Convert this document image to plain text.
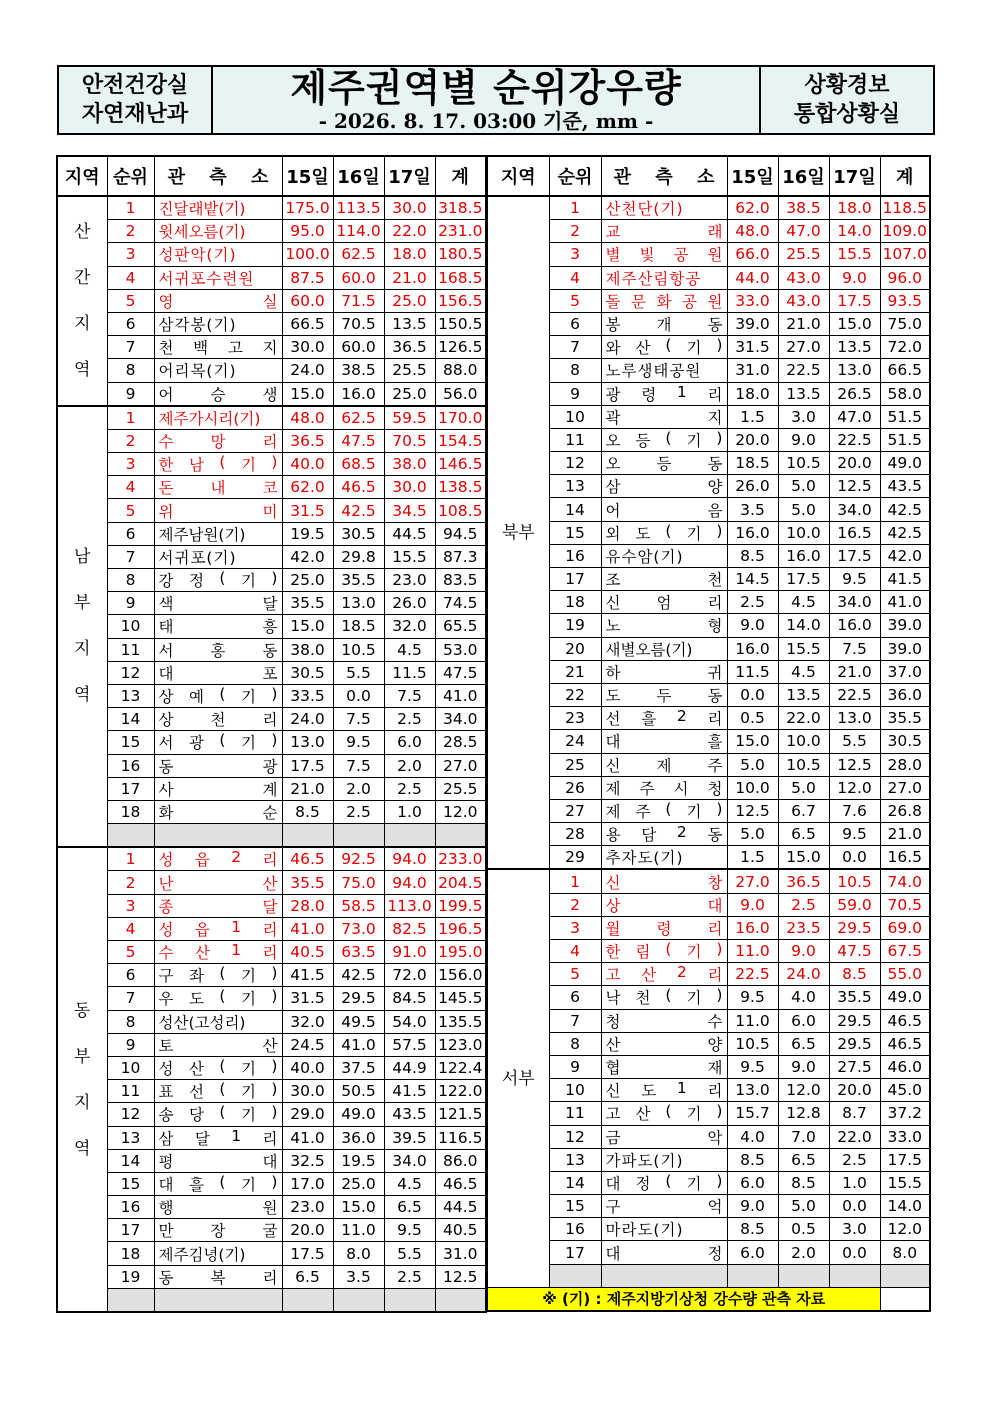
안전건강실
자연재난과
제주권역별 순위강우량
- 2026. 8. 17. 03:00 기준, mm -
상황경보
통합상황실
지역	순위	관 측 소	15일	16일	17일	계
산
간
지
역	1	진달래밭(기)	175.0	113.5	30.0	318.5
	2	윗세오름(기)	95.0	114.0	22.0	231.0
	3	성판악(기)	100.0	62.5	18.0	180.5
	4	서귀포수련원	87.5	60.0	21.0	168.5
	5	영 실	60.0	71.5	25.0	156.5
	6	삼각봉(기)	66.5	70.5	13.5	150.5
	7	천 백 고 지	30.0	60.0	36.5	126.5
	8	어리목(기)	24.0	38.5	25.5	88.0
	9	어 승 생	15.0	16.0	25.0	56.0
남
부
지
역	1	제주가시리(기)	48.0	62.5	59.5	170.0
	2	수 망 리	36.5	47.5	70.5	154.5
	3	한 남 ( 기 )	40.0	68.5	38.0	146.5
	4	돈 내 코	62.0	46.5	30.0	138.5
	5	위 미	31.5	42.5	34.5	108.5
	6	제주남원(기)	19.5	30.5	44.5	94.5
	7	서귀포(기)	42.0	29.8	15.5	87.3
	8	강 정 ( 기 )	25.0	35.5	23.0	83.5
	9	색 달	35.5	13.0	26.0	74.5
	10	태 흥	15.0	18.5	32.0	65.5
	11	서 홍 동	38.0	10.5	4.5	53.0
	12	대 포	30.5	5.5	11.5	47.5
	13	상 예 ( 기 )	33.5	0.0	7.5	41.0
	14	상 천 리	24.0	7.5	2.5	34.0
	15	서 광 ( 기 )	13.0	9.5	6.0	28.5
	16	동 광	17.5	7.5	2.0	27.0
	17	사 계	21.0	2.0	2.5	25.5
	18	화 순	8.5	2.5	1.0	12.0

동
부
지
역	1	성 읍 2 리	46.5	92.5	94.0	233.0
	2	난 산	35.5	75.0	94.0	204.5
	3	종 달	28.0	58.5	113.0	199.5
	4	성 읍 1 리	41.0	73.0	82.5	196.5
	5	수 산 1 리	40.5	63.5	91.0	195.0
	6	구 좌 ( 기 )	41.5	42.5	72.0	156.0
	7	우 도 ( 기 )	31.5	29.5	84.5	145.5
	8	성산(고성리)	32.0	49.5	54.0	135.5
	9	토 산	24.5	41.0	57.5	123.0
	10	성 산 ( 기 )	40.0	37.5	44.9	122.4
	11	표 선 ( 기 )	30.0	50.5	41.5	122.0
	12	송 당 ( 기 )	29.0	49.0	43.5	121.5
	13	삼 달 1 리	41.0	36.0	39.5	116.5
	14	평 대	32.5	19.5	34.0	86.0
	15	대 흘 ( 기 )	17.0	25.0	4.5	46.5
	16	행 원	23.0	15.0	6.5	44.5
	17	만 장 굴	20.0	11.0	9.5	40.5
	18	제주김녕(기)	17.5	8.0	5.5	31.0
	19	동 복 리	6.5	3.5	2.5	12.5

지역	순위	관 측 소	15일	16일	17일	계
북부	1	산천단(기)	62.0	38.5	18.0	118.5
	2	교 래	48.0	47.0	14.0	109.0
	3	별 빛 공 원	66.0	25.5	15.5	107.0
	4	제주산림항공	44.0	43.0	9.0	96.0
	5	돌 문 화 공 원	33.0	43.0	17.5	93.5
	6	봉 개 동	39.0	21.0	15.0	75.0
	7	와 산 ( 기 )	31.5	27.0	13.5	72.0
	8	노루생태공원	31.0	22.5	13.0	66.5
	9	광 령 1 리	18.0	13.5	26.5	58.0
	10	곽 지	1.5	3.0	47.0	51.5
	11	오 등 ( 기 )	20.0	9.0	22.5	51.5
	12	오 등 동	18.5	10.5	20.0	49.0
	13	삼 양	26.0	5.0	12.5	43.5
	14	어 음	3.5	5.0	34.0	42.5
	15	외 도 ( 기 )	16.0	10.0	16.5	42.5
	16	유수암(기)	8.5	16.0	17.5	42.0
	17	조 천	14.5	17.5	9.5	41.5
	18	신 엄 리	2.5	4.5	34.0	41.0
	19	노 형	9.0	14.0	16.0	39.0
	20	새별오름(기)	16.0	15.5	7.5	39.0
	21	하 귀	11.5	4.5	21.0	37.0
	22	도 두 동	0.0	13.5	22.5	36.0
	23	선 흘 2 리	0.5	22.0	13.0	35.5
	24	대 흘	15.0	10.0	5.5	30.5
	25	신 제 주	5.0	10.5	12.5	28.0
	26	제 주 시 청	10.0	5.0	12.0	27.0
	27	제 주 ( 기 )	12.5	6.7	7.6	26.8
	28	용 담 2 동	5.0	6.5	9.5	21.0
	29	추자도(기)	1.5	15.0	0.0	16.5
서부	1	신 창	27.0	36.5	10.5	74.0
	2	상 대	9.0	2.5	59.0	70.5
	3	월 령 리	16.0	23.5	29.5	69.0
	4	한 림 ( 기 )	11.0	9.0	47.5	67.5
	5	고 산 2 리	22.5	24.0	8.5	55.0
	6	낙 천 ( 기 )	9.5	4.0	35.5	49.0
	7	청 수	11.0	6.0	29.5	46.5
	8	산 양	10.5	6.5	29.5	46.5
	9	협 재	9.5	9.0	27.5	46.0
	10	신 도 1 리	13.0	12.0	20.0	45.0
	11	고 산 ( 기 )	15.7	12.8	8.7	37.2
	12	금 악	4.0	7.0	22.0	33.0
	13	가파도(기)	8.5	6.5	2.5	17.5
	14	대 정 ( 기 )	6.0	8.5	1.0	15.5
	15	구 억	9.0	5.0	0.0	14.0
	16	마라도(기)	8.5	0.5	3.0	12.0
	17	대 정	6.0	2.0	0.0	8.0

※ (기) : 제주지방기상청 강수량 관측 자료						
